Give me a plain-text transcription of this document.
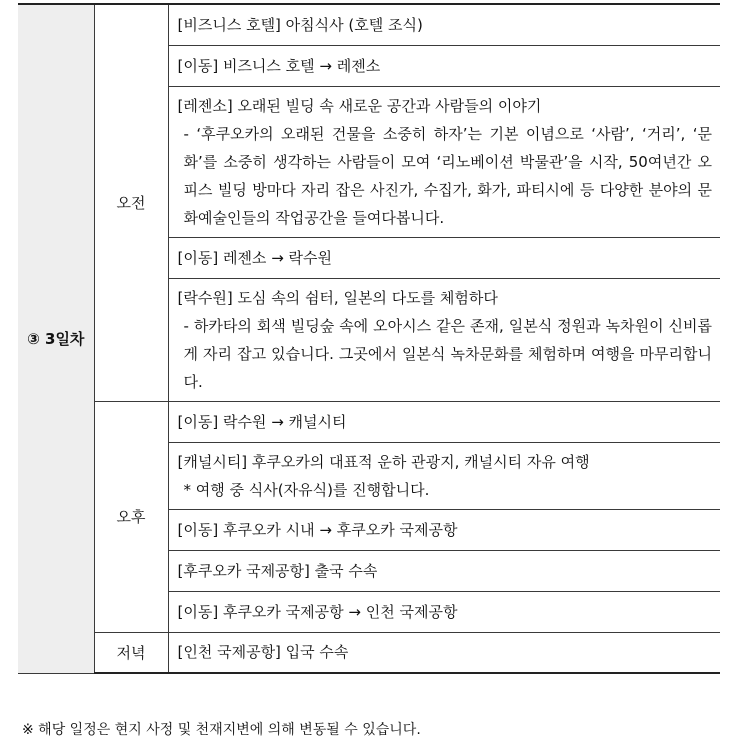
③ 3일차	오전	[비즈니스 호텔] 아침식사 (호텔 조식)

		[이동] 비즈니스 호텔 → 레젠소

		[레젠소] 오래된 빌딩 속 새로운 공간과 사람들의 이야기
- ‘후쿠오카의 오래된 건물을 소중히 하자’는 기본 이념으로 ‘사람’, ‘거리’, ‘문화’를 소중히 생각하는 사람들이 모여 ‘리노베이션 박물관’을 시작, 50여년간 오피스 빌딩 방마다 자리 잡은 사진가, 수집가, 화가, 파티시에 등 다양한 분야의 문화예술인들의 작업공간을 들여다봅니다.

		[이동] 레젠소 → 락수원

		[락수원] 도심 속의 쉼터, 일본의 다도를 체험하다
- 하카타의 회색 빌딩숲 속에 오아시스 같은 존재, 일본식 정원과 녹차원이 신비롭게 자리 잡고 있습니다. 그곳에서 일본식 녹차문화를 체험하며 여행을 마무리합니다.

	오후	[이동] 락수원 → 캐널시티

		[캐널시티] 후쿠오카의 대표적 운하 관광지, 캐널시티 자유 여행
* 여행 중 식사(자유식)를 진행합니다.

		[이동] 후쿠오카 시내 → 후쿠오카 국제공항

		[후쿠오카 국제공항] 출국 수속

		[이동] 후쿠오카 국제공항 → 인천 국제공항

	저녁	[인천 국제공항] 입국 수속
※ 해당 일정은 현지 사정 및 천재지변에 의해 변동될 수 있습니다.
